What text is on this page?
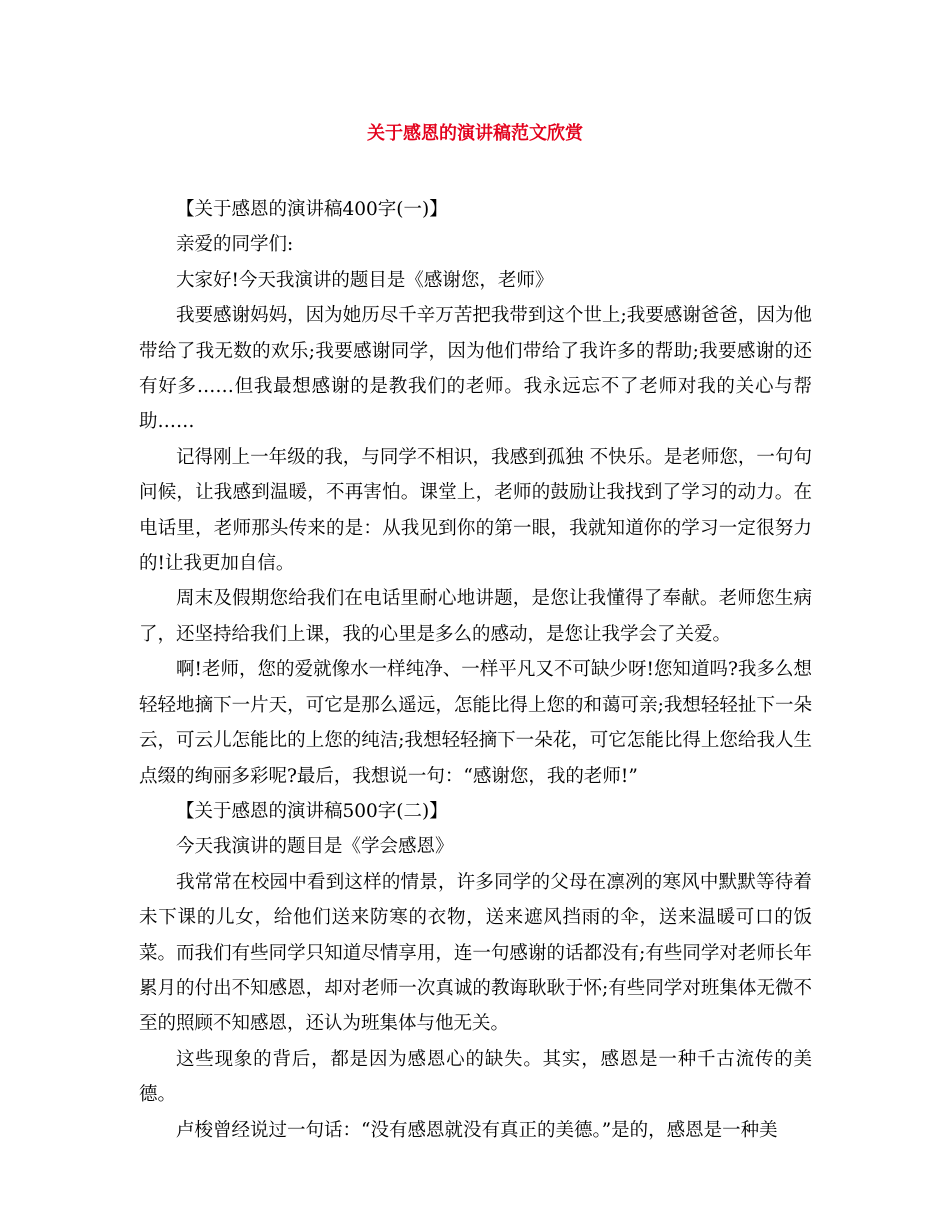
关于感恩的演讲稿范文欣赏

【关于感恩的演讲稿400字(一)】

亲爱的同学们:

大家好!今天我演讲的题目是《感谢您，老师》

我要感谢妈妈，因为她历尽千辛万苦把我带到这个世上;我要感谢爸爸，因为他带给了我无数的欢乐;我要感谢同学，因为他们带给了我许多的帮助;我要感谢的还有好多……但我最想感谢的是教我们的老师。我永远忘不了老师对我的关心与帮助……

记得刚上一年级的我，与同学不相识，我感到孤独 不快乐。是老师您，一句句问候，让我感到温暖，不再害怕。课堂上，老师的鼓励让我找到了学习的动力。在电话里，老师那头传来的是：从我见到你的第一眼，我就知道你的学习一定很努力的!让我更加自信。

周末及假期您给我们在电话里耐心地讲题，是您让我懂得了奉献。老师您生病了，还坚持给我们上课，我的心里是多么的感动，是您让我学会了关爱。

啊!老师，您的爱就像水一样纯净、一样平凡又不可缺少呀!您知道吗?我多么想轻轻地摘下一片天，可它是那么遥远，怎能比得上您的和蔼可亲;我想轻轻扯下一朵云，可云儿怎能比的上您的纯洁;我想轻轻摘下一朵花，可它怎能比得上您给我人生点缀的绚丽多彩呢?最后，我想说一句：“感谢您，我的老师!”

【关于感恩的演讲稿500字(二)】

今天我演讲的题目是《学会感恩》

我常常在校园中看到这样的情景，许多同学的父母在凛冽的寒风中默默等待着未下课的儿女，给他们送来防寒的衣物，送来遮风挡雨的伞，送来温暖可口的饭菜。而我们有些同学只知道尽情享用，连一句感谢的话都没有;有些同学对老师长年累月的付出不知感恩，却对老师一次真诚的教诲耿耿于怀;有些同学对班集体无微不至的照顾不知感恩，还认为班集体与他无关。

这些现象的背后，都是因为感恩心的缺失。其实，感恩是一种千古流传的美德。

卢梭曾经说过一句话：“没有感恩就没有真正的美德。”是的，感恩是一种美
